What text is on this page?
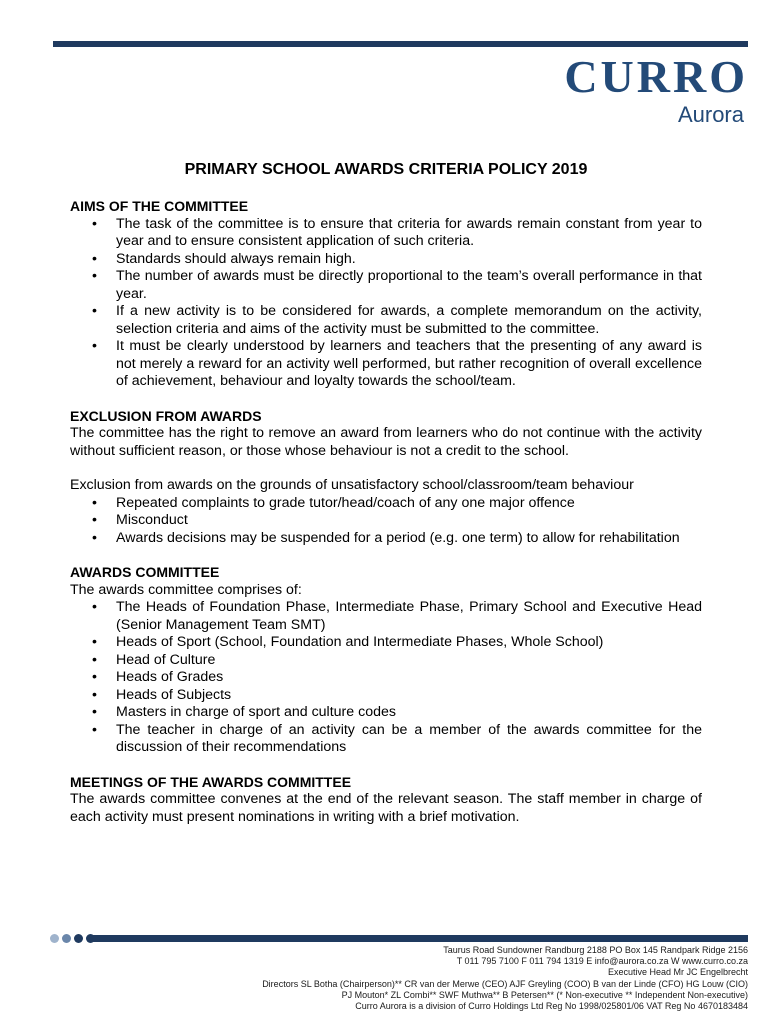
CURRO
Aurora
PRIMARY SCHOOL AWARDS CRITERIA POLICY 2019
AIMS OF THE COMMITTEE
• The task of the committee is to ensure that criteria for awards remain constant from year to year and to ensure consistent application of such criteria.
• Standards should always remain high.
• The number of awards must be directly proportional to the team’s overall performance in that year.
• If a new activity is to be considered for awards, a complete memorandum on the activity, selection criteria and aims of the activity must be submitted to the committee.
• It must be clearly understood by learners and teachers that the presenting of any award is not merely a reward for an activity well performed, but rather recognition of overall excellence of achievement, behaviour and loyalty towards the school/team.
EXCLUSION FROM AWARDS

The committee has the right to remove an award from learners who do not continue with the activity without sufficient reason, or those whose behaviour is not a credit to the school.

Exclusion from awards on the grounds of unsatisfactory school/classroom/team behaviour

• Repeated complaints to grade tutor/head/coach of any one major offence
• Misconduct
• Awards decisions may be suspended for a period (e.g. one term) to allow for rehabilitation
AWARDS COMMITTEE

The awards committee comprises of:

• The Heads of Foundation Phase, Intermediate Phase, Primary School and Executive Head (Senior Management Team SMT)
• Heads of Sport (School, Foundation and Intermediate Phases, Whole School)
• Head of Culture
• Heads of Grades
• Heads of Subjects
• Masters in charge of sport and culture codes
• The teacher in charge of an activity can be a member of the awards committee for the discussion of their recommendations
MEETINGS OF THE AWARDS COMMITTEE

The awards committee convenes at the end of the relevant season. The staff member in charge of each activity must present nominations in writing with a brief motivation.

Taurus Road Sundowner Randburg 2188 PO Box 145 Randpark Ridge 2156
T 011 795 7100 F 011 794 1319 E info@aurora.co.za W www.curro.co.za
Executive Head Mr JC Engelbrecht
Directors SL Botha (Chairperson)** CR van der Merwe (CEO) AJF Greyling (COO) B van der Linde (CFO) HG Louw (CIO)
PJ Mouton* ZL Combi** SWF Muthwa** B Petersen** (* Non-executive ** Independent Non-executive)
Curro Aurora is a division of Curro Holdings Ltd Reg No 1998/025801/06 VAT Reg No 4670183484
